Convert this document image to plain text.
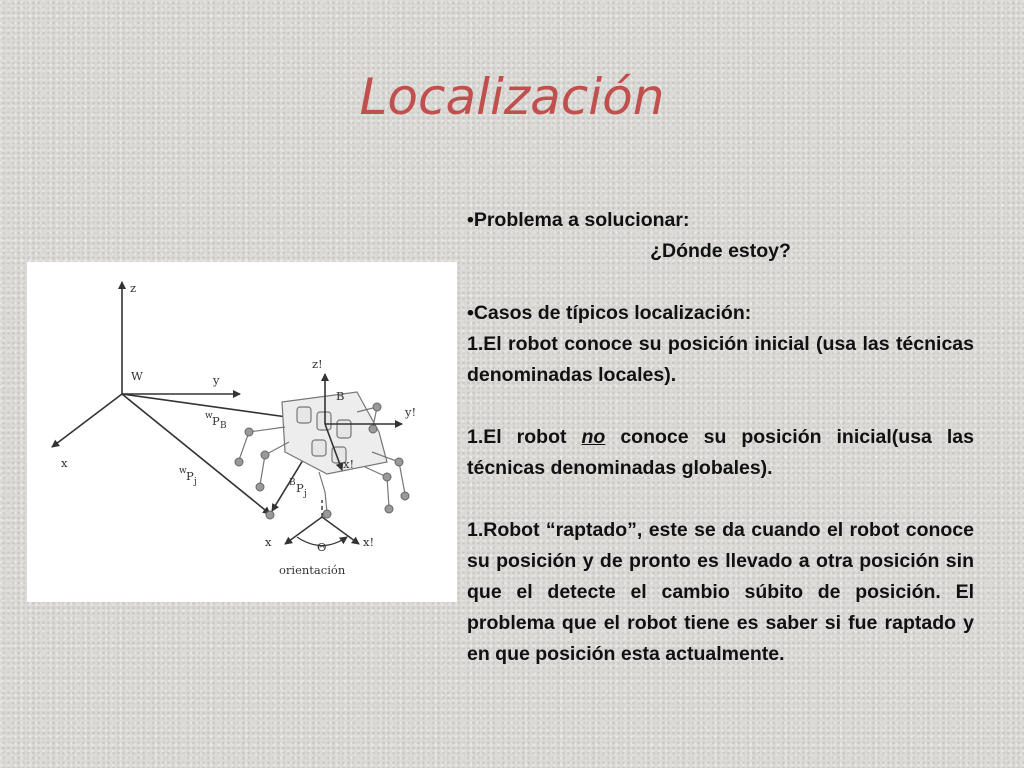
Localización
z
W	y
x
w P B
w P j	B P j
z!
B
y!
x!
x	Θ	x!
orientación

•Problema a solucionar:

¿Dónde estoy?

•Casos de típicos localización:

1.El robot conoce su posición inicial (usa las técnicas denominadas locales).

1.El robot no conoce su posición inicial(usa las técnicas denominadas globales).

1.Robot “raptado”, este se da cuando el robot conoce su posición y de pronto es llevado a otra posición sin que el detecte el cambio súbito de posición. El problema que el robot tiene es saber si fue raptado y en que posición esta actualmente.
